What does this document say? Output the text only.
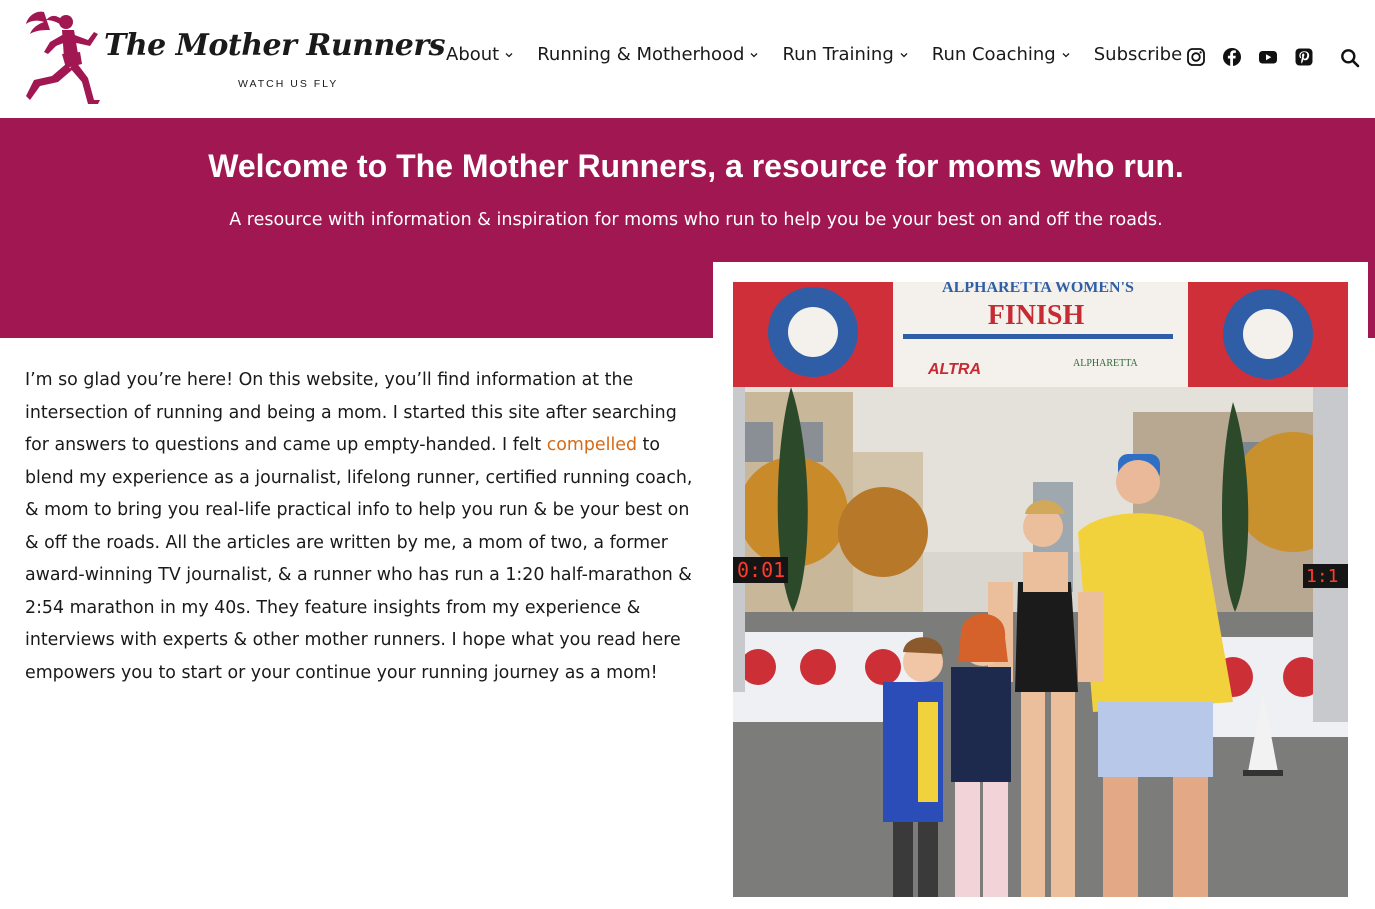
The Mother Runners
WATCH US FLY
About Running & Motherhood Run Training Run Coaching Subscribe
Welcome to The Mother Runners, a resource for moms who run.

A resource with information & inspiration for moms who run to help you be your best on and off the roads.

I’m so glad you’re here! On this website, you’ll find information at the intersection of running and being a mom. I started this site after searching for answers to questions and came up empty-handed. I felt compelled to blend my experience as a journalist, lifelong runner, certified running coach, & mom to bring you real-life practical info to help you run & be your best on & off the roads. All the articles are written by me, a mom of two, a former award-winning TV journalist, & a runner who has run a 1:20 half-marathon & 2:54 marathon in my 40s. They feature insights from my experience & interviews with experts & other mother runners. I hope what you read here empowers you to start or your continue your running journey as a mom!

0:01	1:1
ALPHARETTA WOMEN'S
FINISH
ALTRA	ALPHARETTA
